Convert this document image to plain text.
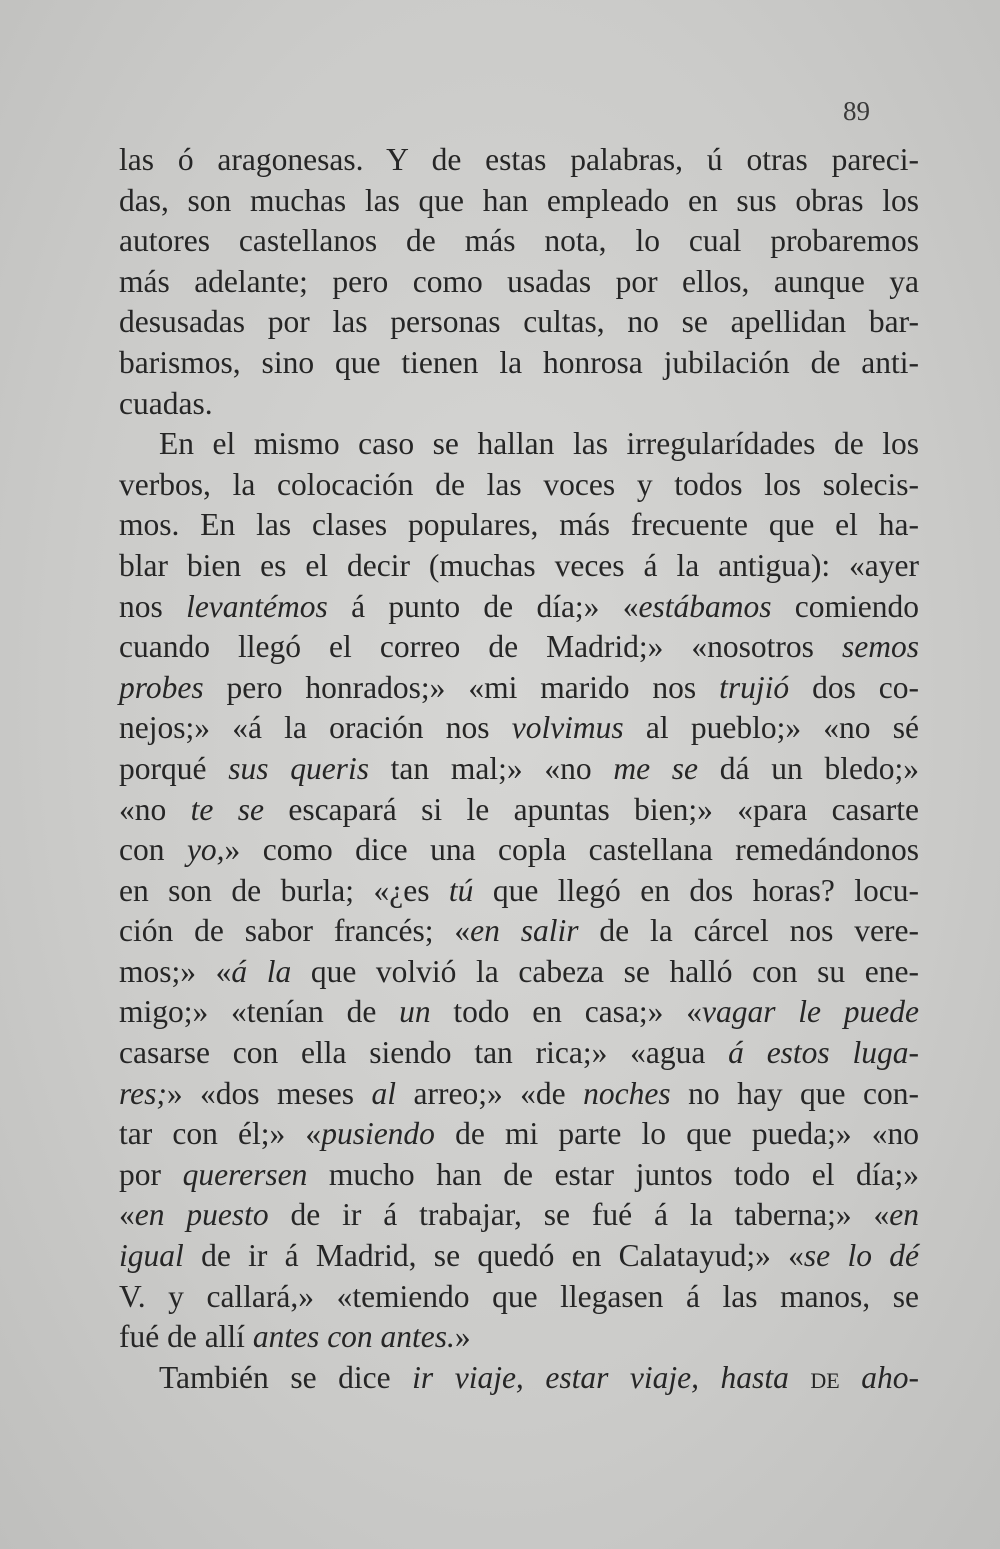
89
las ó aragonesas. Y de estas palabras, ú otras pareci-
das, son muchas las que han empleado en sus obras los
autores castellanos de más nota, lo cual probaremos
más adelante; pero como usadas por ellos, aunque ya
desusadas por las personas cultas, no se apellidan bar-
barismos, sino que tienen la honrosa jubilación de anti-
cuadas.
En el mismo caso se hallan las irregularídades de los
verbos, la colocación de las voces y todos los solecis-
mos. En las clases populares, más frecuente que el ha-
blar bien es el decir (muchas veces á la antigua): «ayer
nos levantémos á punto de día;» «estábamos comiendo
cuando llegó el correo de Madrid;» «nosotros semos
probes pero honrados;» «mi marido nos trujió dos co-
nejos;» «á la oración nos volvimus al pueblo;» «no sé
porqué sus queris tan mal;» «no me se dá un bledo;»
«no te se escapará si le apuntas bien;» «para casarte
con yo,» como dice una copla castellana remedándonos
en son de burla; «¿es tú que llegó en dos horas? locu-
ción de sabor francés; «en salir de la cárcel nos vere-
mos;» «á la que volvió la cabeza se halló con su ene-
migo;» «tenían de un todo en casa;» «vagar le puede
casarse con ella siendo tan rica;» «agua á estos luga-
res;» «dos meses al arreo;» «de noches no hay que con-
tar con él;» «pusiendo de mi parte lo que pueda;» «no
por querersen mucho han de estar juntos todo el día;»
«en puesto de ir á trabajar, se fué á la taberna;» «en
igual de ir á Madrid, se quedó en Calatayud;» «se lo dé
V. y callará,» «temiendo que llegasen á las manos, se
fué de allí antes con antes.»
También se dice ir viaje, estar viaje, hasta de aho-
